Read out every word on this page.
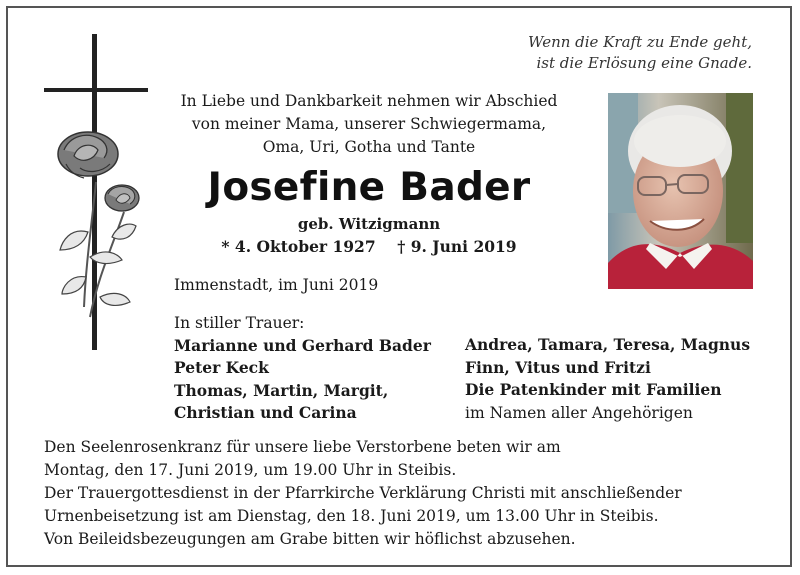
Wenn die Kraft zu Ende geht,
ist die Erlösung eine Gnade.
In Liebe und Dankbarkeit nehmen wir Abschied
von meiner Mama, unserer Schwiegermama,
Oma, Uri, Gotha und Tante
Josefine Bader
geb. Witzigmann
* 4. Oktober 1927    † 9. Juni 2019
Immenstadt, im Juni 2019
In stiller Trauer:
Marianne und Gerhard Bader
Peter Keck
Thomas, Martin, Margit,
Christian und Carina
Andrea, Tamara, Teresa, Magnus
Finn, Vitus und Fritzi
Die Patenkinder mit Familien
im Namen aller Angehörigen
Den Seelenrosenkranz für unsere liebe Verstorbene beten wir am
Montag, den 17. Juni 2019, um 19.00 Uhr in Steibis.
Der Trauergottesdienst in der Pfarrkirche Verklärung Christi mit anschließender
Urnenbeisetzung ist am Dienstag, den 18. Juni 2019, um 13.00 Uhr in Steibis.
Von Beileidsbezeugungen am Grabe bitten wir höflichst abzusehen.
